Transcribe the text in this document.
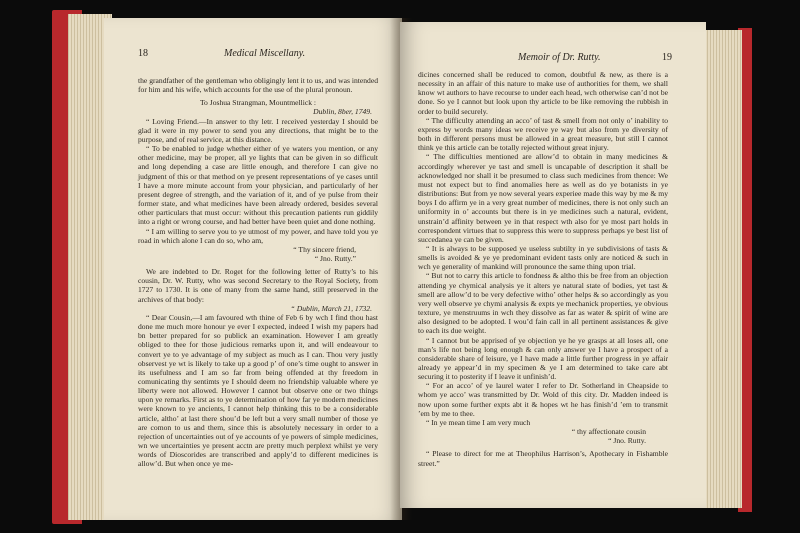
18	Medical Miscellany.

the grandfather of the gentleman who obligingly lent it to us, and was intended for him and his wife, which accounts for the use of the plural pronoun.

To Joshua Strangman, Mountmellick :

Dublin, 8ber, 1749.

“ Loving Friend.—In answer to thy letr. I received yesterday I should be glad it were in my power to send you any directions, that might be to the purpose, and of real service, at this distance.

“ To be enabled to judge whether either of ye waters you mention, or any other medicine, may be proper, all ye lights that can be given in so difficult and long depending a case are little enough, and therefore I can give no judgment of this or that method on ye present representations of ye cases until I have a more minute account from your physician, and particularly of her present degree of strength, and the variation of it, and of ye pulse from their former state, and what medicines have been already ordered, besides several other particulars that must occur: without this precaution patients run giddily into a right or wrong course, and had better have been quiet and done nothing.

“ I am willing to serve you to ye utmost of my power, and have told you ye road in which alone I can do so, who am,

“ Thy sincere friend,

“ Jno. Rutty.”

We are indebted to Dr. Roget for the following letter of Rutty’s to his cousin, Dr. W. Rutty, who was second Secretary to the Royal Society, from 1727 to 1730. It is one of many from the same hand, still preserved in the archives of that body:

“ Dublin, March 21, 1732.

“ Dear Cousin,—I am favoured wth thine of Feb 6 by wch I find thou hast done me much more honour ye ever I expected, indeed I wish my papers had bn better prepared for so publick an examination. However I am greatly obliged to thee for those judicious remarks upon it, and will endeavour to convert ye to ye advantage of my subject as much as I can. Thou very justly observest ye wt is likely to take up a good p’ of one’s time ought to answer in its usefulness and I am so far from being offended at thy freedom in comunicating thy sentimts ye I should deem no friendship valuable where ye liberty were not allowed. However I cannot but observe one or two things upon ye remarks. First as to ye determination of how far ye modern medicines were known to ye ancients, I cannot help thinking this to be a considerable article, altho’ at last there shou’d be left but a very small number of those ye are comon to us and them, since this is absolutely necessary in order to a rejection of uncertainties out of ye accounts of ye powers of simple medicines, wn we uncertainties ye present acctn are pretty much perplext whilst ye very words of Dioscorides are transcribed and apply’d to different medicines is allow’d. But when once ye me-

Memoir of Dr. Rutty.	19

dicines concerned shall be reduced to comon, doubtful & new, as there is a necessity in an affair of this nature to make use of authorities for them, we shall know wt authors to have recourse to under each head, wch otherwise can’d not be done. So ye I cannot but look upon thy article to be like removing the rubbish in order to build securely.

“ The difficulty attending an acco’ of tast & smell from not only o’ inability to express by words many ideas we receive ye way but also from ye diversity of both in different persons must be allowed in a great measure, but still I cannot think ye this article can be totally rejected without great injury.

“ The difficulties mentioned are allow’d to obtain in many medicines & accordingly wherever ye tast and smell is uncapable of description it shall be acknowledged nor shall it be presumed to class such medicines from thence: We must not expect but to find anomalies here as well as do ye botanists in ye distributions: But from ye now several years experiee made this way by me & my boys I do affirm ye in a very great number of medicines, there is not only such an uniformity in o’ accounts but there is in ye medicines such a natural, evident, unstrain’d affinity between ye in that respect wth also for ye most part holds in correspondent virtues that to suppress this were to suppress perhaps ye best list of succedanea ye can be given.

“ It is always to be supposed ye useless subtilty in ye subdivisions of tasts & smells is avoided & ye ye predominant evident tasts only are noticed & such in wch ye generality of mankind will pronounce the same thing upon trial.

“ But not to carry this article to fondness & altho this be free from an objection attending ye chymical analysis ye it alters ye natural state of bodies, yet tast & smell are allow’d to be very defective witho’ other helps & so accordingly as you very well observe ye chymi analysis & expts ye mechanick properties, ye obvious texture, ye menstruums in wch they dissolve as far as water & spirit of wine are also designed to be adopted. I wou’d fain call in all pertinent assistances & give to each its due weight.

“ I cannot but be apprised of ye objection ye he ye grasps at all loses all, one man’s life not being long enough & can only answer ye I have a prospect of a considerable share of leisure, ye I have made a little further progress in ye affair already ye appear’d in my specimen & ye I am determined to take care abt securing it to posterity if I leave it unfinish’d.

“ For an acco’ of ye laurel water I refer to Dr. Sotherland in Cheapside to whom ye acco’ was transmitted by Dr. Wold of this city. Dr. Madden indeed is now upon some further expts abt it & hopes wt he has finish’d ’em to transmit ’em by me to thee.

“ In ye mean time I am very much

“ thy affectionate cousin

“ Jno. Rutty.

“ Please to direct for me at Theophilus Harrison’s, Apothecary in Fishamble street.”
